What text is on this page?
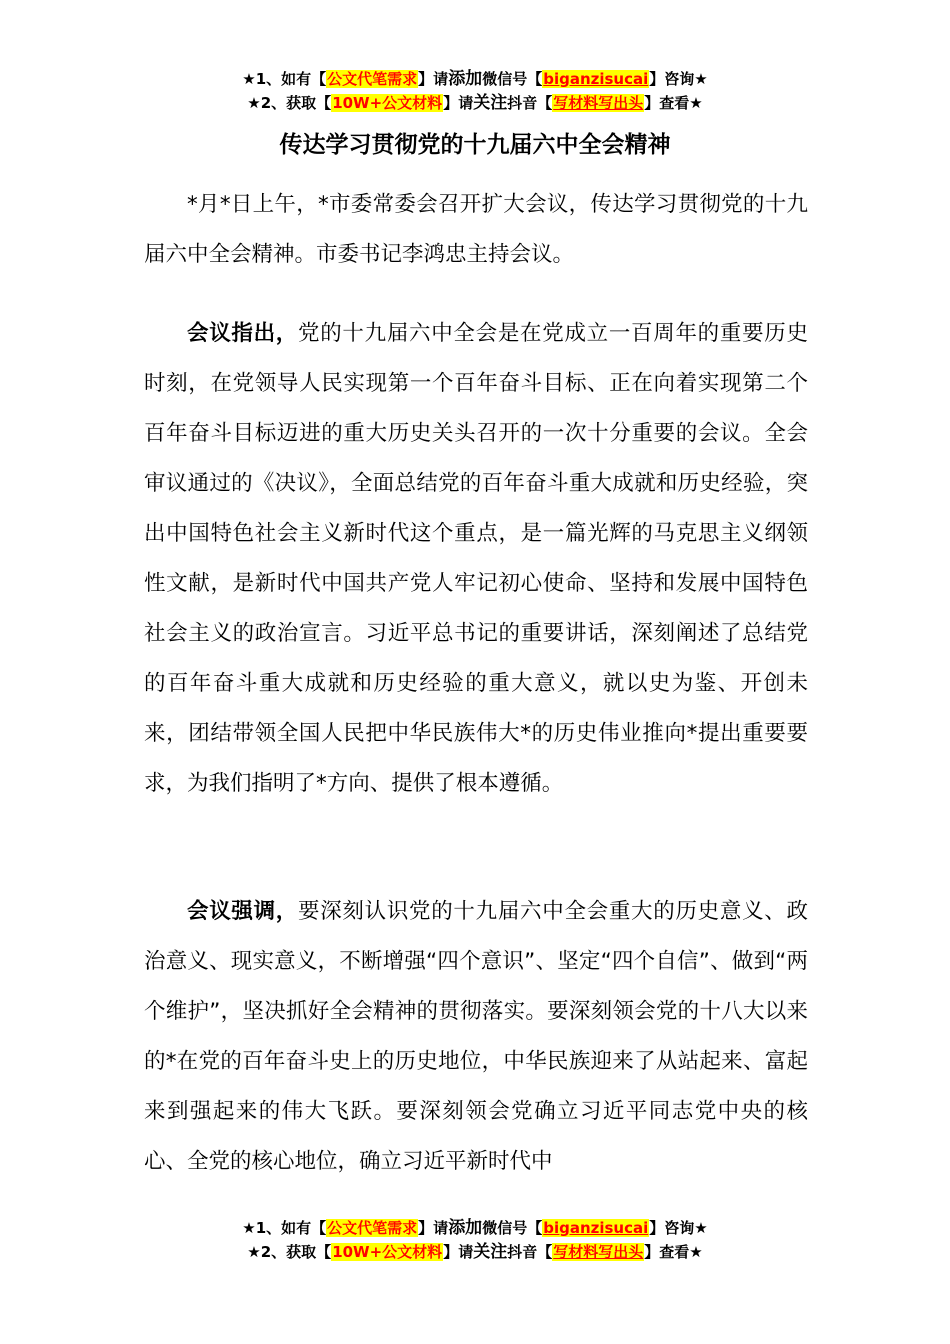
★1、如有【公文代笔需求】请添加微信号【biganzisucai】咨询★
★2、获取【10W+公文材料】请关注抖音【写材料写出头】查看★
传达学习贯彻党的十九届六中全会精神

*月*日上午，*市委常委会召开扩大会议，传达学习贯彻党的十九届六中全会精神。市委书记李鸿忠主持会议。

会议指出，党的十九届六中全会是在党成立一百周年的重要历史时刻，在党领导人民实现第一个百年奋斗目标、正在向着实现第二个百年奋斗目标迈进的重大历史关头召开的一次十分重要的会议。全会审议通过的《决议》，全面总结党的百年奋斗重大成就和历史经验，突出中国特色社会主义新时代这个重点，是一篇光辉的马克思主义纲领性文献，是新时代中国共产党人牢记初心使命、坚持和发展中国特色社会主义的政治宣言。习近平总书记的重要讲话，深刻阐述了总结党的百年奋斗重大成就和历史经验的重大意义，就以史为鉴、开创未来，团结带领全国人民把中华民族伟大*的历史伟业推向*提出重要要求，为我们指明了*方向、提供了根本遵循。

会议强调，要深刻认识党的十九届六中全会重大的历史意义、政治意义、现实意义，不断增强“四个意识”、坚定“四个自信”、做到“两个维护”，坚决抓好全会精神的贯彻落实。要深刻领会党的十八大以来的*在党的百年奋斗史上的历史地位，中华民族迎来了从站起来、富起来到强起来的伟大飞跃。要深刻领会党确立习近平同志党中央的核心、全党的核心地位，确立习近平新时代中

★1、如有【公文代笔需求】请添加微信号【biganzisucai】咨询★
★2、获取【10W+公文材料】请关注抖音【写材料写出头】查看★
